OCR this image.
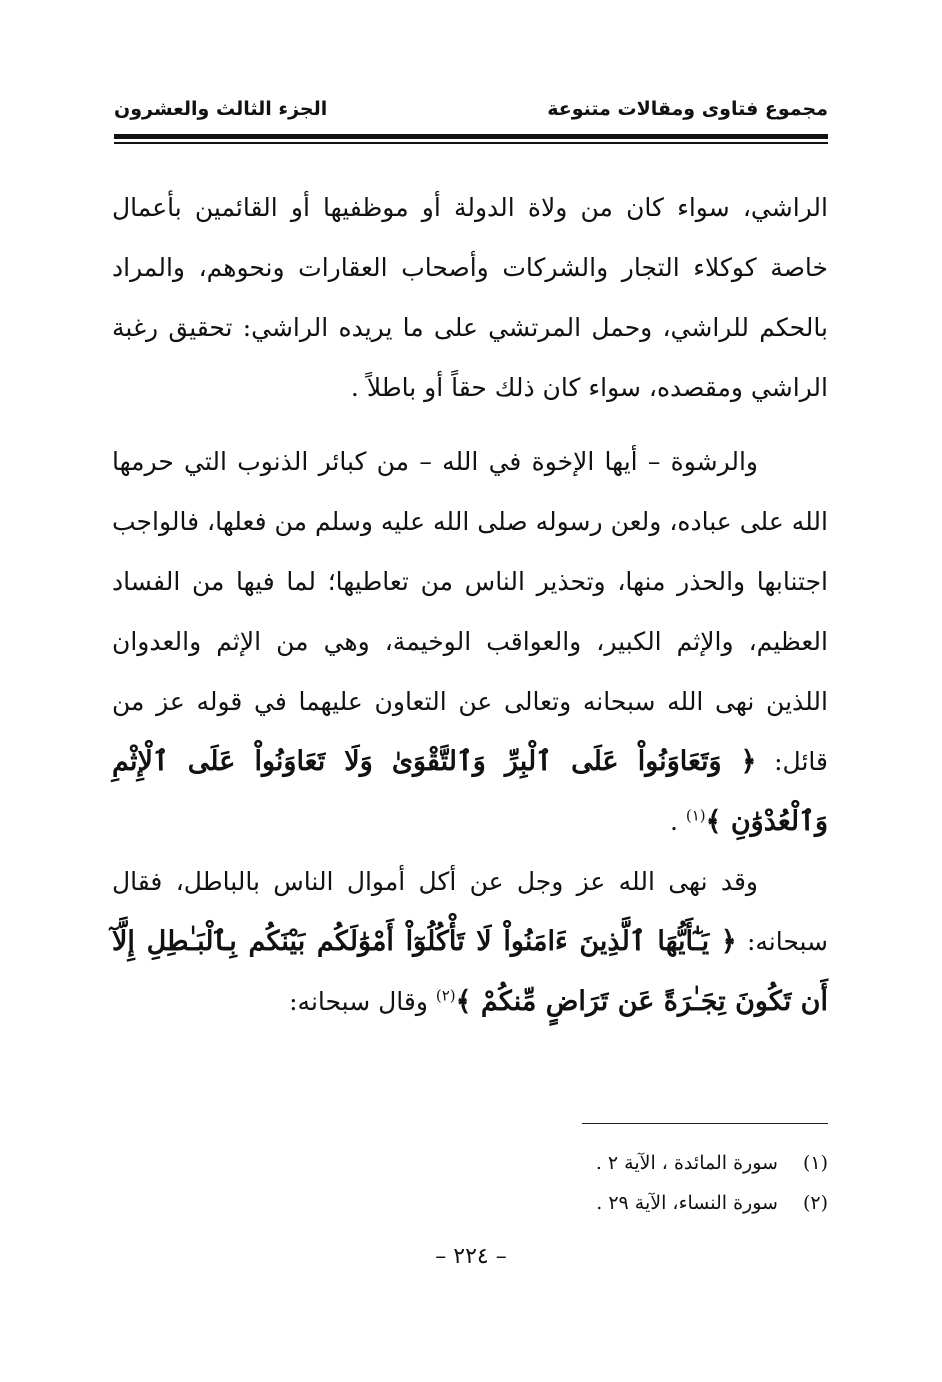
مجموع فتاوى ومقالات متنوعة
الجزء الثالث والعشرون

الراشي، سواء كان من ولاة الدولة أو موظفيها أو القائمين بأعمال خاصة كوكلاء التجار والشركات وأصحاب العقارات ونحوهم، والمراد بالحكم للراشي، وحمل المرتشي على ما يريده الراشي: تحقيق رغبة الراشي ومقصده، سواء كان ذلك حقاً أو باطلاً .

والرشوة – أيها الإخوة في الله – من كبائر الذنوب التي حرمها الله على عباده، ولعن رسوله صلى الله عليه وسلم من فعلها، فالواجب اجتنابها والحذر منها، وتحذير الناس من تعاطيها؛ لما فيها من الفساد العظيم، والإثم الكبير، والعواقب الوخيمة، وهي من الإثم والعدوان اللذين نهى الله سبحانه وتعالى عن التعاون عليهما في قوله عز من قائل: ﴿ وَتَعَاوَنُواْ عَلَى ٱلْبِرِّ وَٱلتَّقْوَىٰ وَلَا تَعَاوَنُواْ عَلَى ٱلْإِثْمِ وَٱلْعُدْوَٰنِ ﴾$^{(١)}$ .

وقد نهى الله عز وجل عن أكل أموال الناس بالباطل، فقال سبحانه: ﴿ يَـٰٓأَيُّهَا ٱلَّذِينَ ءَامَنُواْ لَا تَأْكُلُوٓاْ أَمْوَٰلَكُم بَيْنَكُم بِٱلْبَـٰطِلِ إِلَّآ أَن تَكُونَ تِجَـٰرَةً عَن تَرَاضٍ مِّنكُمْ ﴾$^{(٢)}$ وقال سبحانه:

(١) سورة المائدة ، الآية ٢ .
(٢) سورة النساء، الآية ٢٩ .
– ٢٢٤ –
